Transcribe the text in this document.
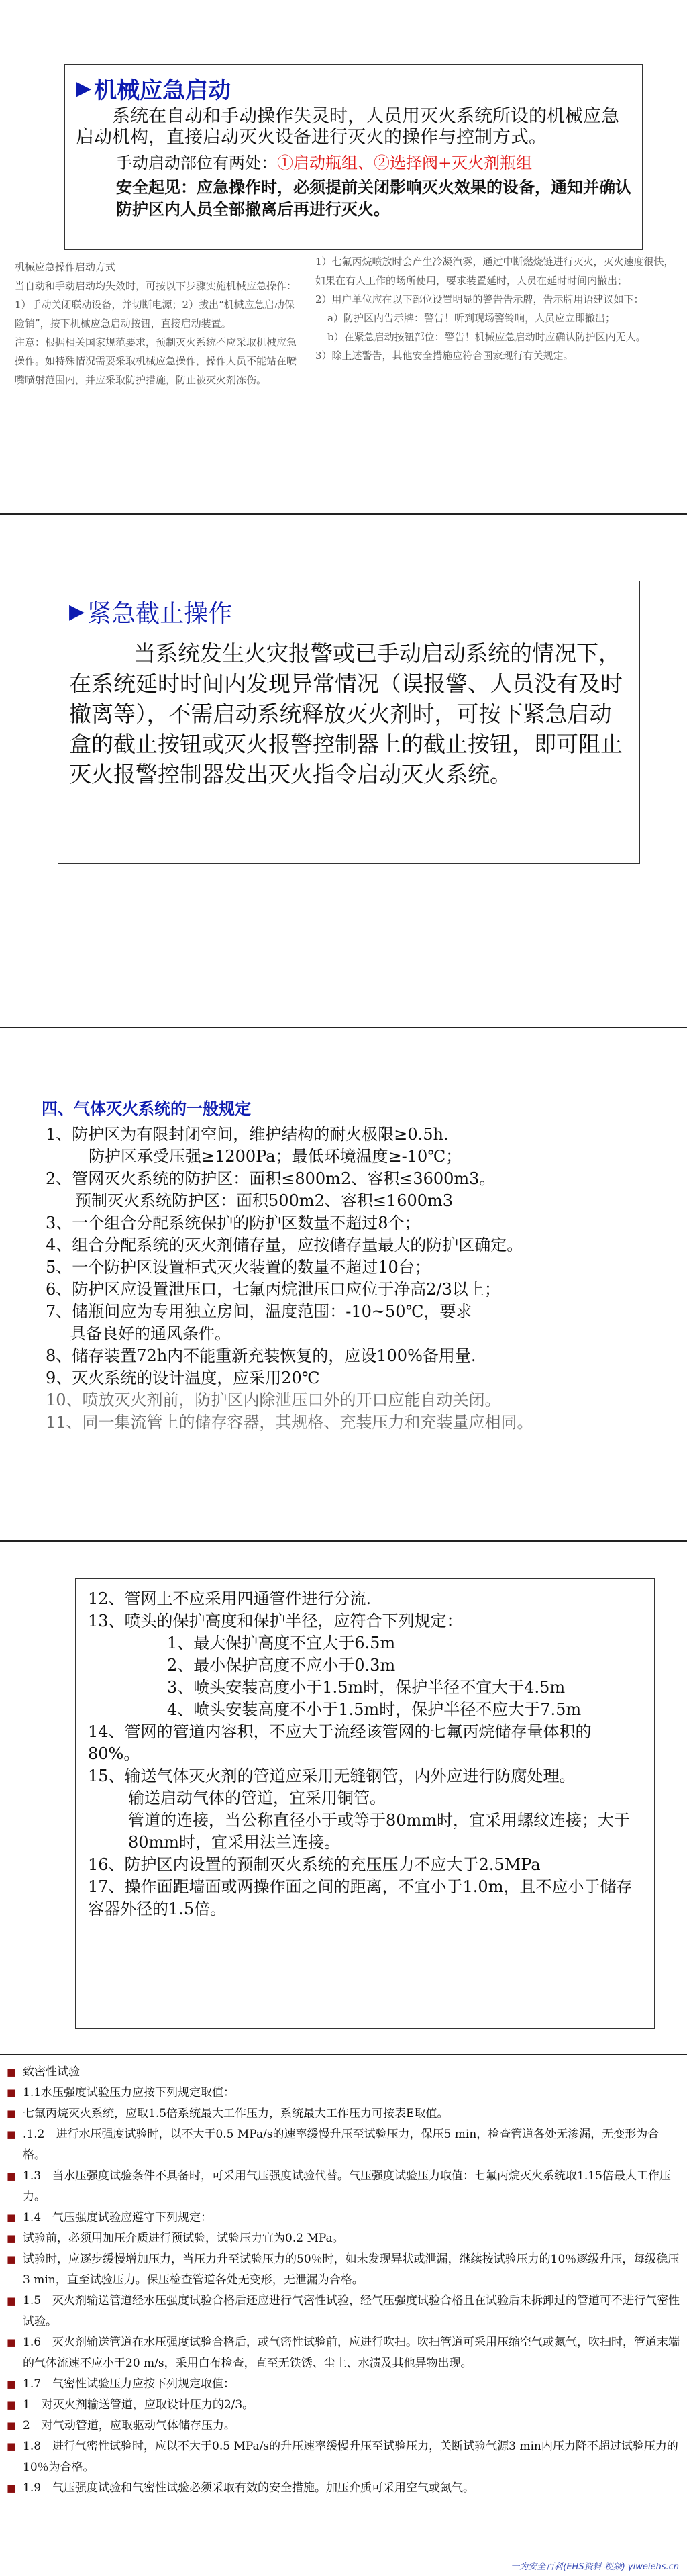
▶ 机械应急启动

系统在自动和手动操作失灵时，人员用灭火系统所设的机械应急启动机构，直接启动灭火设备进行灭火的操作与控制方式。

手动启动部位有两处：①启动瓶组、②选择阀+灭火剂瓶组

安全起见：应急操作时，必须提前关闭影响灭火效果的设备，通知并确认防护区内人员全部撤离后再进行灭火。

机械应急操作启动方式

当自动和手动启动均失效时，可按以下步骤实施机械应急操作：1）手动关闭联动设备，并切断电源；2）拔出“机械应急启动保险销”，按下机械应急启动按钮，直接启动装置。

注意：根据相关国家规范要求，预制灭火系统不应采取机械应急操作。如特殊情况需要采取机械应急操作，操作人员不能站在喷嘴喷射范围内，并应采取防护措施，防止被灭火剂冻伤。

1）七氟丙烷喷放时会产生冷凝汽雾，通过中断燃烧链进行灭火，灭火速度很快，如果在有人工作的场所使用，要求装置延时，人员在延时时间内撤出；

2）用户单位应在以下部位设置明显的警告告示牌，告示牌用语建议如下：

a）防护区内告示牌：警告！听到现场警铃响，人员应立即撤出；

b）在紧急启动按钮部位：警告！机械应急启动时应确认防护区内无人。

3）除上述警告，其他安全措施应符合国家现行有关规定。

▶ 紧急截止操作

当系统发生火灾报警或已手动启动系统的情况下，在系统延时时间内发现异常情况（误报警、人员没有及时撤离等），不需启动系统释放灭火剂时，可按下紧急启动盒的截止按钮或灭火报警控制器上的截止按钮，即可阻止灭火报警控制器发出灭火指令启动灭火系统。

四、气体灭火系统的一般规定

1、防护区为有限封闭空间，维护结构的耐火极限≥0.5h.

防护区承受压强≥1200Pa；最低环境温度≥-10℃；

2、管网灭火系统的防护区：面积≤800m2、容积≤3600m3。

预制灭火系统防护区：面积500m2、容积≤1600m3

3、一个组合分配系统保护的防护区数量不超过8个；

4、组合分配系统的灭火剂储存量，应按储存量最大的防护区确定。

5、一个防护区设置柜式灭火装置的数量不超过10台；

6、防护区应设置泄压口，七氟丙烷泄压口应位于净高2/3以上；

7、储瓶间应为专用独立房间，温度范围：-10~50℃，要求

具备良好的通风条件。

8、储存装置72h内不能重新充装恢复的，应设100%备用量.

9、灭火系统的设计温度，应采用20℃

10、喷放灭火剂前，防护区内除泄压口外的开口应能自动关闭。

11、同一集流管上的储存容器，其规格、充装压力和充装量应相同。

12、管网上不应采用四通管件进行分流.

13、喷头的保护高度和保护半径，应符合下列规定：

1、最大保护高度不宜大于6.5m

2、最小保护高度不应小于0.3m

3、喷头安装高度小于1.5m时，保护半径不宜大于4.5m

4、喷头安装高度不小于1.5m时，保护半径不应大于7.5m

14、管网的管道内容积，不应大于流经该管网的七氟丙烷储存量体积的80%。

15、输送气体灭火剂的管道应采用无缝钢管，内外应进行防腐处理。

输送启动气体的管道，宜采用铜管。

管道的连接，当公称直径小于或等于80mm时，宜采用螺纹连接；大于80mm时，宜采用法兰连接。

16、防护区内设置的预制灭火系统的充压压力不应大于2.5MPa

17、操作面距墙面或两操作面之间的距离，不宜小于1.0m，且不应小于储存容器外径的1.5倍。

■ 致密性试验
■ 1.1水压强度试验压力应按下列规定取值：
■ 七氟丙烷灭火系统，应取1.5倍系统最大工作压力，系统最大工作压力可按表E取值。
■ .1.2　进行水压强度试验时，以不大于0.5 MPa/s的速率缓慢升压至试验压力，保压5 min，检查管道各处无渗漏，无变形为合格。
■ 1.3　当水压强度试验条件不具备时，可采用气压强度试验代替。气压强度试验压力取值：七氟丙烷灭火系统取1.15倍最大工作压力。
■ 1.4　气压强度试验应遵守下列规定：
■ 试验前，必须用加压介质进行预试验，试验压力宜为0.2 MPa。
■ 试验时，应逐步缓慢增加压力，当压力升至试验压力的50％时，如未发现异状或泄漏，继续按试验压力的10％逐级升压，每级稳压3 min，直至试验压力。保压检查管道各处无变形，无泄漏为合格。
■ 1.5　灭火剂输送管道经水压强度试验合格后还应进行气密性试验，经气压强度试验合格且在试验后未拆卸过的管道可不进行气密性试验。
■ 1.6　灭火剂输送管道在水压强度试验合格后，或气密性试验前，应进行吹扫。吹扫管道可采用压缩空气或氮气，吹扫时，管道末端的气体流速不应小于20 m/s，采用白布检查，直至无铁锈、尘土、水渍及其他异物出现。
■ 1.7　气密性试验压力应按下列规定取值：
■ 1　对灭火剂输送管道，应取设计压力的2/3。
■ 2　对气动管道，应取驱动气体储存压力。
■ 1.8　进行气密性试验时，应以不大于0.5 MPa/s的升压速率缓慢升压至试验压力，关断试验气源3 min内压力降不超过试验压力的10％为合格。
■ 1.9　气压强度试验和气密性试验必须采取有效的安全措施。加压介质可采用空气或氮气。
一为安全百科(EHS资料 视频) yiweiehs.cn
